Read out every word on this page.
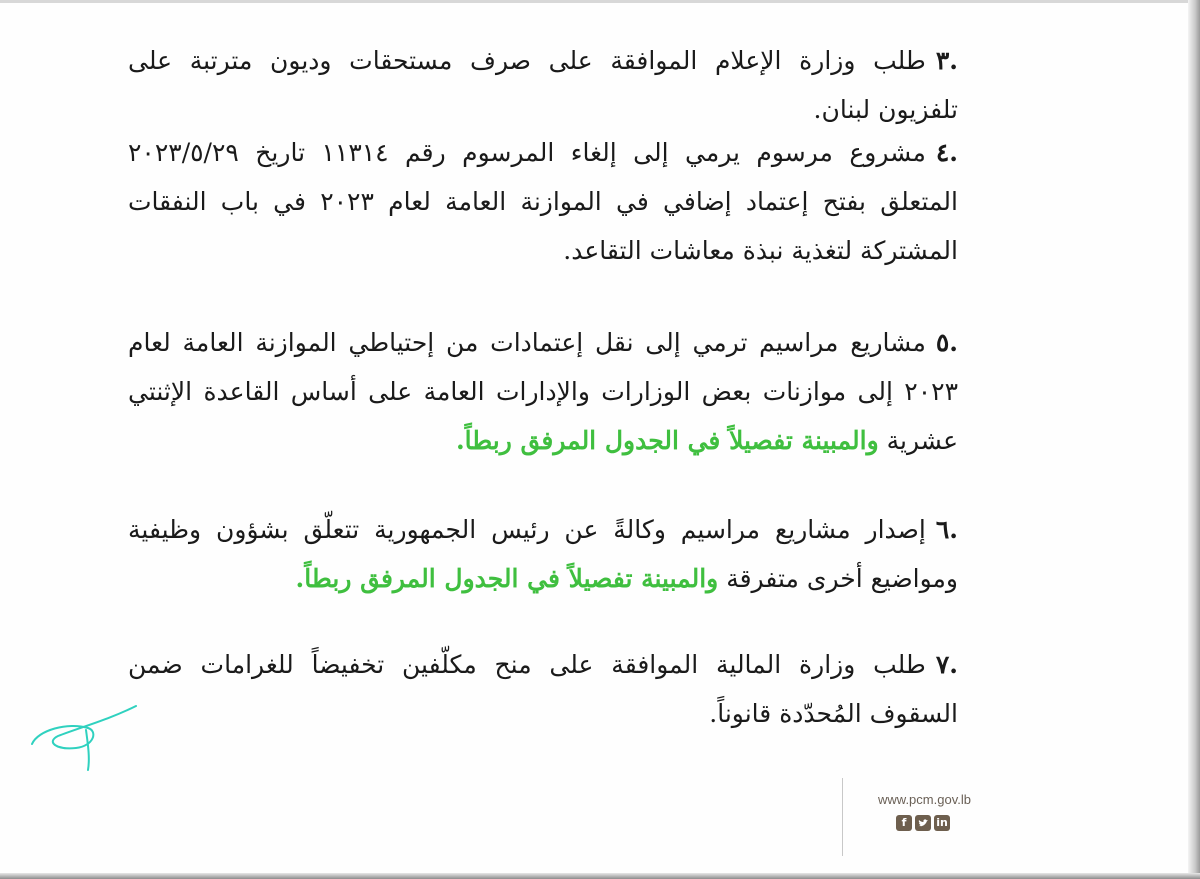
.٣طلب وزارة الإعلام الموافقة على صرف مستحقات وديون مترتبة على تلفزيون لبنان.

.٤مشروع مرسوم يرمي إلى إلغاء المرسوم رقم ١١٣١٤ تاريخ ٢٠٢٣/٥/٢٩ المتعلق بفتح إعتماد إضافي في الموازنة العامة لعام ٢٠٢٣ في باب النفقات المشتركة لتغذية نبذة معاشات التقاعد.

.٥مشاريع مراسيم ترمي إلى نقل إعتمادات من إحتياطي الموازنة العامة لعام ٢٠٢٣ إلى موازنات بعض الوزارات والإدارات العامة على أساس القاعدة الإثنتي عشرية والمبينة تفصيلاً في الجدول المرفق ربطاً.

.٦إصدار مشاريع مراسيم وكالةً عن رئيس الجمهورية تتعلّق بشؤون وظيفية ومواضيع أخرى متفرقة والمبينة تفصيلاً في الجدول المرفق ربطاً.

.٧طلب وزارة المالية الموافقة على منح مكلّفين تخفيضاً للغرامات ضمن السقوف المُحدّدة قانوناً.

www.pcm.gov.lb
f	in
